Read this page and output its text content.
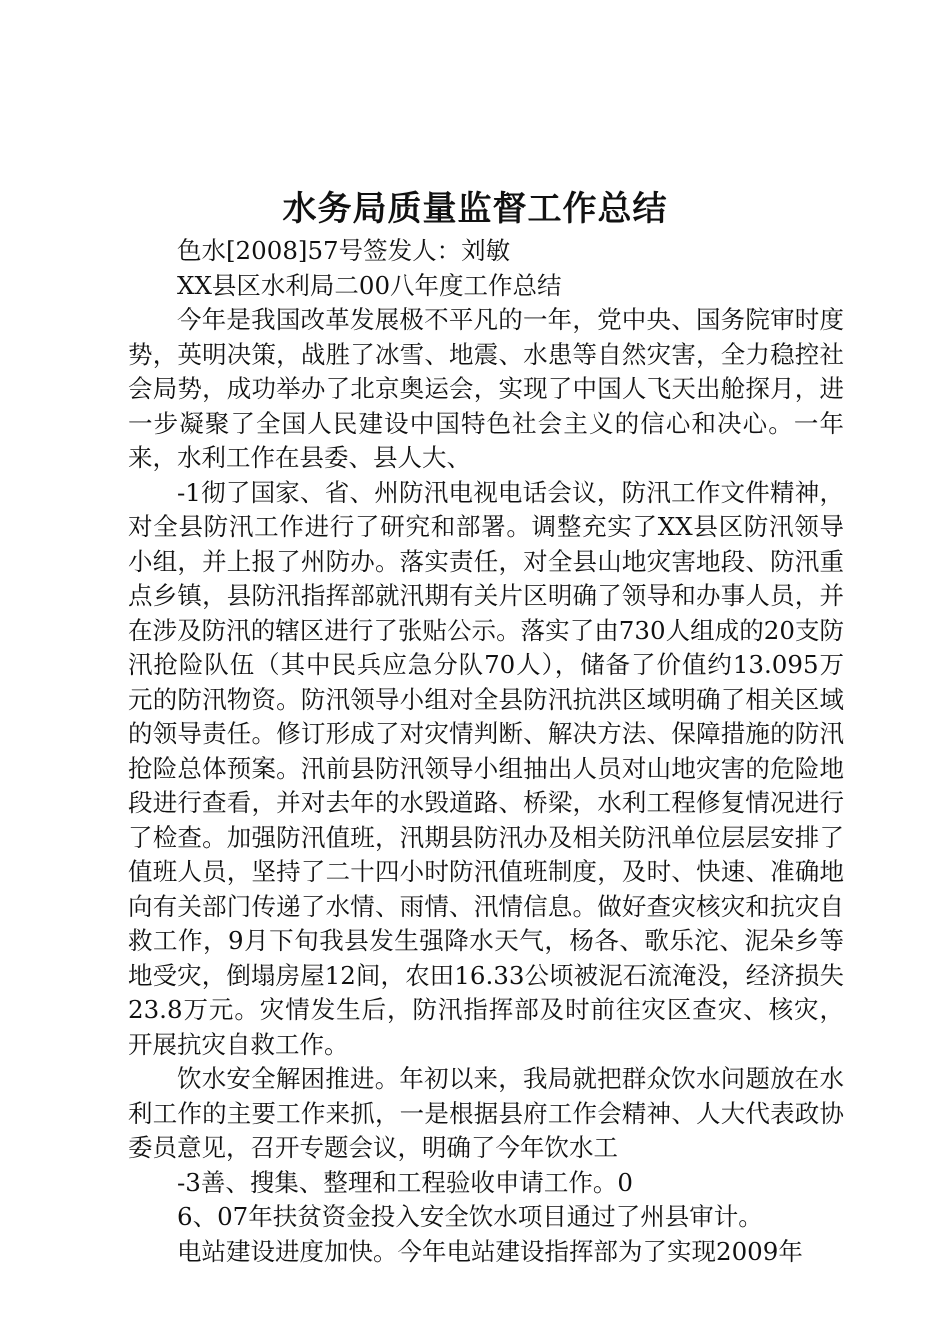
水务局质量监督工作总结

色水[2008]57号签发人：刘敏

XX县区水利局二00八年度工作总结

今年是我国改革发展极不平凡的一年，党中央、国务院审时度势，英明决策，战胜了冰雪、地震、水患等自然灾害，全力稳控社会局势，成功举办了北京奥运会，实现了中国人飞天出舱探月，进一步凝聚了全国人民建设中国特色社会主义的信心和决心。一年来，水利工作在县委、县人大、

-1彻了国家、省、州防汛电视电话会议，防汛工作文件精神，对全县防汛工作进行了研究和部署。调整充实了XX县区防汛领导小组，并上报了州防办。落实责任，对全县山地灾害地段、防汛重点乡镇，县防汛指挥部就汛期有关片区明确了领导和办事人员，并在涉及防汛的辖区进行了张贴公示。落实了由730人组成的20支防汛抢险队伍（其中民兵应急分队70人），储备了价值约13.095万元的防汛物资。防汛领导小组对全县防汛抗洪区域明确了相关区域的领导责任。修订形成了对灾情判断、解决方法、保障措施的防汛抢险总体预案。汛前县防汛领导小组抽出人员对山地灾害的危险地段进行查看，并对去年的水毁道路、桥梁，水利工程修复情况进行了检查。加强防汛值班，汛期县防汛办及相关防汛单位层层安排了值班人员，坚持了二十四小时防汛值班制度，及时、快速、准确地向有关部门传递了水情、雨情、汛情信息。做好查灾核灾和抗灾自救工作，9月下旬我县发生强降水天气，杨各、歌乐沱、泥朵乡等地受灾，倒塌房屋12间，农田16.33公顷被泥石流淹没，经济损失23.8万元。灾情发生后，防汛指挥部及时前往灾区查灾、核灾，开展抗灾自救工作。

饮水安全解困推进。年初以来，我局就把群众饮水问题放在水利工作的主要工作来抓，一是根据县府工作会精神、人大代表政协委员意见，召开专题会议，明确了今年饮水工

-3善、搜集、整理和工程验收申请工作。0

6、07年扶贫资金投入安全饮水项目通过了州县审计。

电站建设进度加快。今年电站建设指挥部为了实现2009年
